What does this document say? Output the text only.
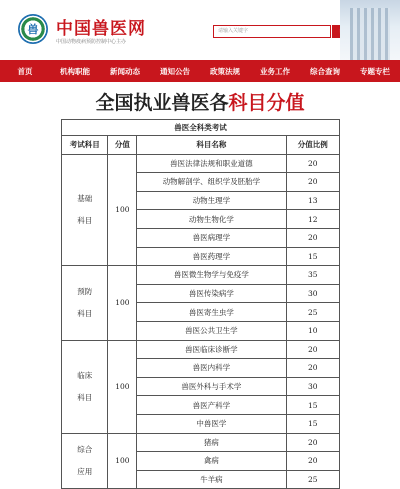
兽 中国兽医网
中国动物疫病预防控制中心主办
请输入关键字
首页	机构职能	新闻动态	通知公告	政策法规	业务工作	综合查询	专题专栏
全国执业兽医各科目分值
兽医全科类考试			
考试科目	分值	科目名称	分值比例

基础
科目	100	兽医法律法规和职业道德	20
		动物解剖学、组织学及胚胎学	20
		动物生理学	13
		动物生物化学	12
		兽医病理学	20
		兽医药理学	15

预防
科目	100	兽医微生物学与免疫学	35
		兽医传染病学	30
		兽医寄生虫学	25
		兽医公共卫生学	10

临床
科目	100	兽医临床诊断学	20
		兽医内科学	20
		兽医外科与手术学	30
		兽医产科学	15
		中兽医学	15

综合
应用	100	猪病	20
		禽病	20
		牛羊病	25
